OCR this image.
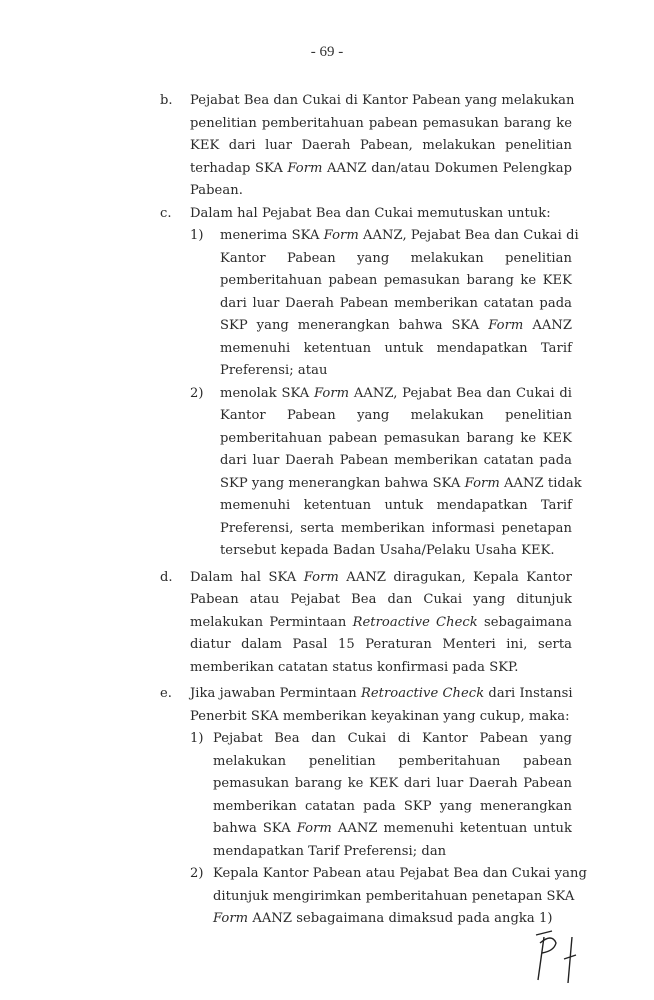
- 69 -
b. Pejabat Bea dan Cukai di Kantor Pabean yang melakukan
penelitian pemberitahuan pabean pemasukan barang ke
KEK dari luar Daerah Pabean, melakukan penelitian
terhadap SKA Form AANZ dan/atau Dokumen Pelengkap
Pabean.
c. Dalam hal Pejabat Bea dan Cukai memutuskan untuk:
1) menerima SKA Form AANZ, Pejabat Bea dan Cukai di
Kantor Pabean yang melakukan penelitian
pemberitahuan pabean pemasukan barang ke KEK
dari luar Daerah Pabean memberikan catatan pada
SKP yang menerangkan bahwa SKA Form AANZ
memenuhi ketentuan untuk mendapatkan Tarif
Preferensi; atau
2) menolak SKA Form AANZ, Pejabat Bea dan Cukai di
Kantor Pabean yang melakukan penelitian
pemberitahuan pabean pemasukan barang ke KEK
dari luar Daerah Pabean memberikan catatan pada
SKP yang menerangkan bahwa SKA Form AANZ tidak
memenuhi ketentuan untuk mendapatkan Tarif
Preferensi, serta memberikan informasi penetapan
tersebut kepada Badan Usaha/Pelaku Usaha KEK.
d. Dalam hal SKA Form AANZ diragukan, Kepala Kantor
Pabean atau Pejabat Bea dan Cukai yang ditunjuk
melakukan Permintaan Retroactive Check sebagaimana
diatur dalam Pasal 15 Peraturan Menteri ini, serta
memberikan catatan status konfirmasi pada SKP.
e. Jika jawaban Permintaan Retroactive Check dari Instansi
Penerbit SKA memberikan keyakinan yang cukup, maka:
1) Pejabat Bea dan Cukai di Kantor Pabean yang
melakukan penelitian pemberitahuan pabean
pemasukan barang ke KEK dari luar Daerah Pabean
memberikan catatan pada SKP yang menerangkan
bahwa SKA Form AANZ memenuhi ketentuan untuk
mendapatkan Tarif Preferensi; dan
2) Kepala Kantor Pabean atau Pejabat Bea dan Cukai yang
ditunjuk mengirimkan pemberitahuan penetapan SKA
Form AANZ sebagaimana dimaksud pada angka 1)
